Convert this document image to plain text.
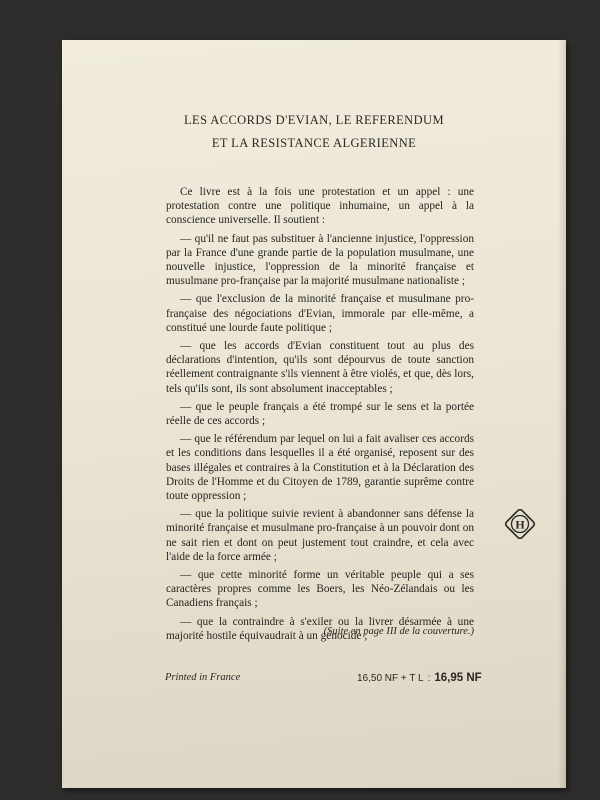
LES ACCORDS D'EVIAN, LE REFERENDUM
ET LA RESISTANCE ALGERIENNE

Ce livre est à la fois une protestation et un appel : une protestation contre une politique inhumaine, un appel à la conscience universelle. Il soutient :

— qu'il ne faut pas substituer à l'ancienne injustice, l'oppression par la France d'une grande partie de la population musulmane, une nouvelle injustice, l'oppression de la minorité française et musulmane pro-française par la majorité musulmane nationaliste ;

— que l'exclusion de la minorité française et musulmane pro-française des négociations d'Evian, immorale par elle-même, a constitué une lourde faute politique ;

— que les accords d'Evian constituent tout au plus des déclarations d'intention, qu'ils sont dépourvus de toute sanction réellement contraignante s'ils viennent à être violés, et que, dès lors, tels qu'ils sont, ils sont absolument inacceptables ;

— que le peuple français a été trompé sur le sens et la portée réelle de ces accords ;

— que le référendum par lequel on lui a fait avaliser ces accords et les conditions dans lesquelles il a été organisé, reposent sur des bases illégales et contraires à la Constitution et à la Déclaration des Droits de l'Homme et du Citoyen de 1789, garantie suprême contre toute oppression ;

— que la politique suivie revient à abandonner sans défense la minorité française et musulmane pro-française à un pouvoir dont on ne sait rien et dont on peut justement tout craindre, et cela avec l'aide de la force armée ;

— que cette minorité forme un véritable peuple qui a ses caractères propres comme les Boers, les Néo-Zélandais ou les Canadiens français ;

— que la contraindre à s'exiler ou la livrer désarmée à une majorité hostile équivaudrait à un génocide ;

(Suite en page III de la couverture.)
H
Printed in France	16,50 NF + T L : 16,95 NF
